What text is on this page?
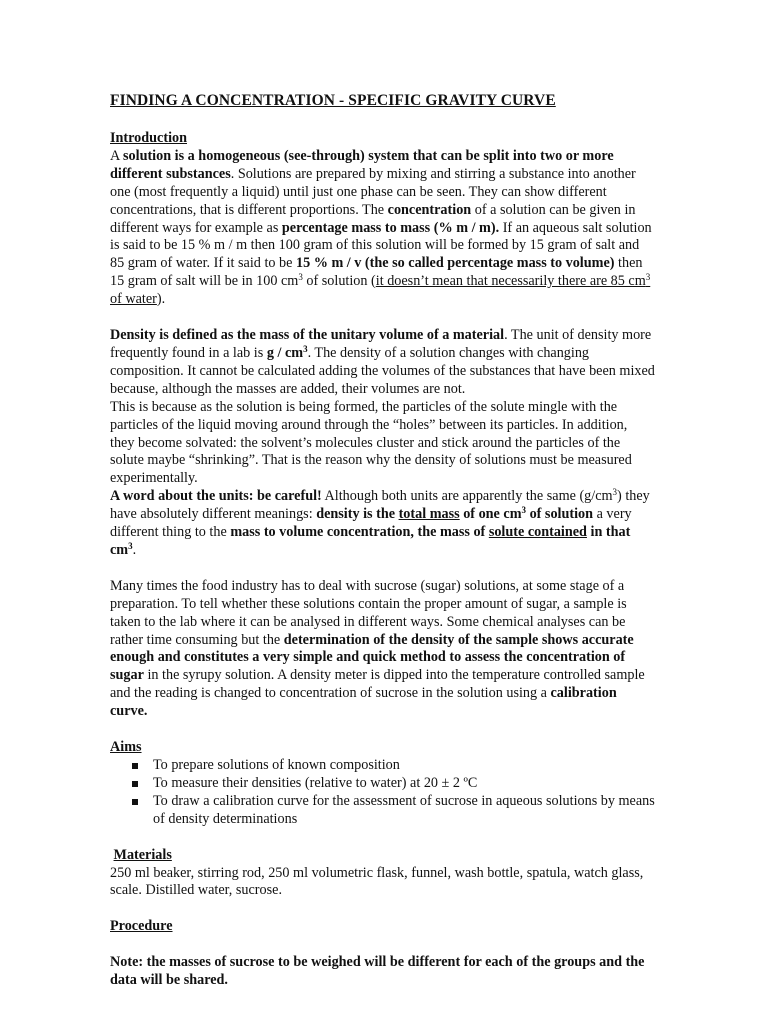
FINDING A CONCENTRATION - SPECIFIC GRAVITY CURVE

Introduction

A solution is a homogeneous (see-through) system that can be split into two or more different substances. Solutions are prepared by mixing and stirring a substance into another one (most frequently a liquid) until just one phase can be seen. They can show different concentrations, that is different proportions. The concentration of a solution can be given in different ways for example as percentage mass to mass (% m / m). If an aqueous salt solution is said to be 15 % m / m then 100 gram of this solution will be formed by 15 gram of salt and 85 gram of water. If it said to be 15 % m / v (the so called percentage mass to volume) then 15 gram of salt will be in 100 $cm^3$ of solution (it doesn’t mean that necessarily there are 85 $cm^3$ of water).

Density is defined as the mass of the unitary volume of a material. The unit of density more frequently found in a lab is g / $cm^3$. The density of a solution changes with changing composition. It cannot be calculated adding the volumes of the substances that have been mixed because, although the masses are added, their volumes are not.

This is because as the solution is being formed, the particles of the solute mingle with the particles of the liquid moving around through the “holes” between its particles. In addition, they become solvated: the solvent’s molecules cluster and stick around the particles of the solute maybe “shrinking”. That is the reason why the density of solutions must be measured experimentally.

A word about the units: be careful! Although both units are apparently the same $(g/cm^3)$ they have absolutely different meanings: density is the total mass of one $cm^3$ of solution a very different thing to the mass to volume concentration, the mass of solute contained in that $cm^3$.

Many times the food industry has to deal with sucrose (sugar) solutions, at some stage of a preparation. To tell whether these solutions contain the proper amount of sugar, a sample is taken to the lab where it can be analysed in different ways. Some chemical analyses can be rather time consuming but the determination of the density of the sample shows accurate enough and constitutes a very simple and quick method to assess the concentration of sugar in the syrupy solution. A density meter is dipped into the temperature controlled sample and the reading is changed to concentration of sucrose in the solution using a calibration curve.

Aims

To prepare solutions of known composition
To measure their densities (relative to water) at 20 ± 2 ºC
To draw a calibration curve for the assessment of sucrose in aqueous solutions by means of density determinations

Materials

250 ml beaker, stirring rod, 250 ml volumetric flask, funnel, wash bottle, spatula, watch glass, scale. Distilled water, sucrose.

Procedure

Note: the masses of sucrose to be weighed will be different for each of the groups and the data will be shared.
